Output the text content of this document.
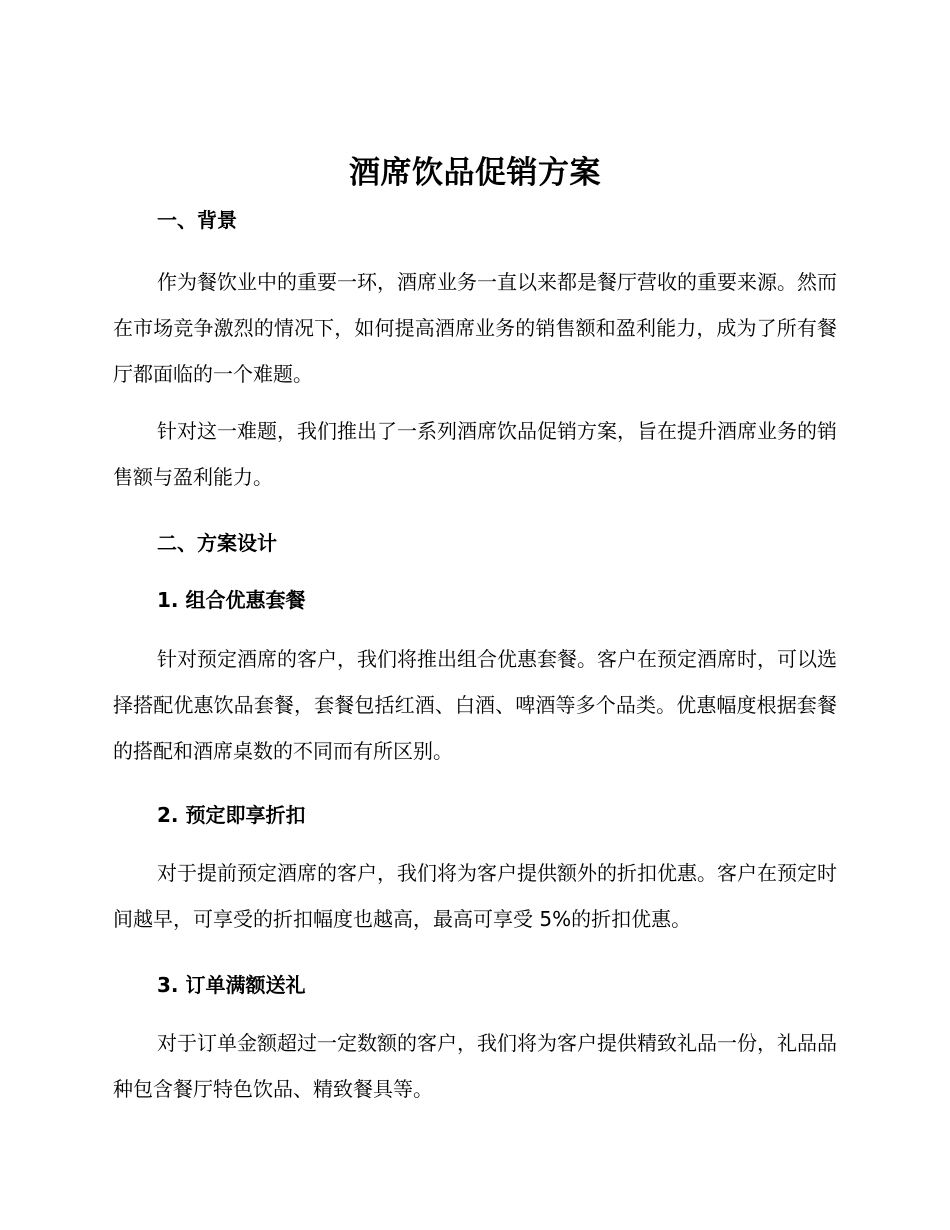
酒席饮品促销方案
一、背景

作为餐饮业中的重要一环，酒席业务一直以来都是餐厅营收的重要来源。然而在市场竞争激烈的情况下，如何提高酒席业务的销售额和盈利能力，成为了所有餐厅都面临的一个难题。

针对这一难题，我们推出了一系列酒席饮品促销方案，旨在提升酒席业务的销售额与盈利能力。

二、方案设计
1. 组合优惠套餐

针对预定酒席的客户，我们将推出组合优惠套餐。客户在预定酒席时，可以选择搭配优惠饮品套餐，套餐包括红酒、白酒、啤酒等多个品类。优惠幅度根据套餐的搭配和酒席桌数的不同而有所区别。

2. 预定即享折扣

对于提前预定酒席的客户，我们将为客户提供额外的折扣优惠。客户在预定时间越早，可享受的折扣幅度也越高，最高可享受 5%的折扣优惠。

3. 订单满额送礼

对于订单金额超过一定数额的客户，我们将为客户提供精致礼品一份，礼品品种包含餐厅特色饮品、精致餐具等。
